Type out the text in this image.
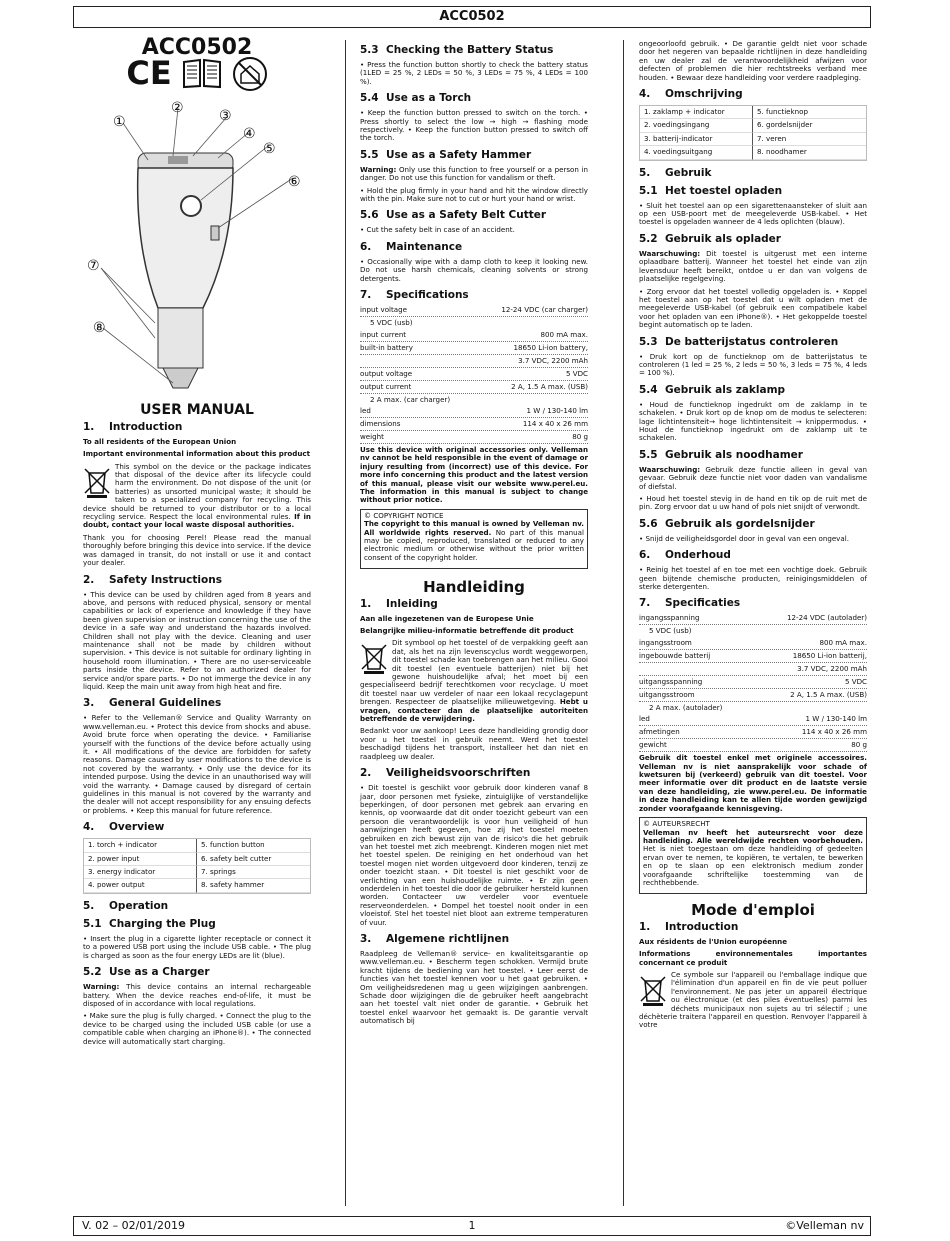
ACC0502
ACC0502
CE
①
②	③
④
⑤
⑥
⑦
⑧
USER MANUAL
1. Introduction

To all residents of the European Union

Important environmental information about this product

This symbol on the device or the package indicates that disposal of the device after its lifecycle could harm the environment. Do not dispose of the unit (or batteries) as unsorted municipal waste; it should be taken to a specialized company for recycling. This device should be returned to your distributor or to a local recycling service. Respect the local environmental rules. If in doubt, contact your local waste disposal authorities.

Thank you for choosing Perel! Please read the manual thoroughly before bringing this device into service. If the device was damaged in transit, do not install or use it and contact your dealer.

2. Safety Instructions

• This device can be used by children aged from 8 years and above, and persons with reduced physical, sensory or mental capabilities or lack of experience and knowledge if they have been given supervision or instruction concerning the use of the device in a safe way and understand the hazards involved. Children shall not play with the device. Cleaning and user maintenance shall not be made by children without supervision. • This device is not suitable for ordinary lighting in household room illumination. • There are no user-serviceable parts inside the device. Refer to an authorized dealer for service and/or spare parts. • Do not immerge the device in any liquid. Keep the main unit away from high heat and fire.

3. General Guidelines

• Refer to the Velleman® Service and Quality Warranty on www.velleman.eu. • Protect this device from shocks and abuse. Avoid brute force when operating the device. • Familiarise yourself with the functions of the device before actually using it. • All modifications of the device are forbidden for safety reasons. Damage caused by user modifications to the device is not covered by the warranty. • Only use the device for its intended purpose. Using the device in an unauthorised way will void the warranty. • Damage caused by disregard of certain guidelines in this manual is not covered by the warranty and the dealer will not accept responsibility for any ensuing defects or problems. • Keep this manual for future reference.

4. Overview
1. torch + indicator	5. function button
2. power input	6. safety belt cutter
3. energy indicator	7. springs
4. power output	8. safety hammer
5. Operation
5.1 Charging the Plug

• Insert the plug in a cigarette lighter receptacle or connect it to a powered USB port using the include USB cable. • The plug is charged as soon as the four energy LEDs are lit (blue).

5.2 Use as a Charger

Warning: This device contains an internal rechargeable battery. When the device reaches end-of-life, it must be disposed of in accordance with local regulations.

• Make sure the plug is fully charged. • Connect the plug to the device to be charged using the included USB cable (or use a compatible cable when charging an iPhone®). • The connected device will automatically start charging.

5.3 Checking the Battery Status

• Press the function button shortly to check the battery status (1LED = 25 %, 2 LEDs = 50 %, 3 LEDs = 75 %, 4 LEDs = 100 %).

5.4 Use as a Torch

• Keep the function button pressed to switch on the torch. • Press shortly to select the low → high → flashing mode respectively. • Keep the function button pressed to switch off the torch.

5.5 Use as a Safety Hammer

Warning: Only use this function to free yourself or a person in danger. Do not use this function for vandalism or theft.

• Hold the plug firmly in your hand and hit the window directly with the pin. Make sure not to cut or hurt your hand or wrist.

5.6 Use as a Safety Belt Cutter

• Cut the safety belt in case of an accident.

6. Maintenance

• Occasionally wipe with a damp cloth to keep it looking new. Do not use harsh chemicals, cleaning solvents or strong detergents.

7. Specifications
input voltage	12-24 VDC (car charger)
5 VDC (usb)
input current	800 mA max.
built-in battery	18650 Li-ion battery,
3.7 VDC, 2200 mAh
output voltage	5 VDC
output current	2 A, 1.5 A max. (USB)
2 A max. (car charger)
led	1 W / 130-140 lm
dimensions	114 x 40 x 26 mm
weight	80 g

Use this device with original accessories only. Velleman nv cannot be held responsible in the event of damage or injury resulting from (incorrect) use of this device. For more info concerning this product and the latest version of this manual, please visit our website www.perel.eu. The information in this manual is subject to change without prior notice.

© COPYRIGHT NOTICE

The copyright to this manual is owned by Velleman nv. All worldwide rights reserved. No part of this manual may be copied, reproduced, translated or reduced to any electronic medium or otherwise without the prior written consent of the copyright holder.

Handleiding
1. Inleiding

Aan alle ingezetenen van de Europese Unie

Belangrijke milieu-informatie betreffende dit product

Dit symbool op het toestel of de verpakking geeft aan dat, als het na zijn levenscyclus wordt weggeworpen, dit toestel schade kan toebrengen aan het milieu. Gooi dit toestel (en eventuele batterijen) niet bij het gewone huishoudelijke afval; het moet bij een gespecialiseerd bedrijf terechtkomen voor recyclage. U moet dit toestel naar uw verdeler of naar een lokaal recyclagepunt brengen. Respecteer de plaatselijke milieuwetgeving. Hebt u vragen, contacteer dan de plaatselijke autoriteiten betreffende de verwijdering.

Bedankt voor uw aankoop! Lees deze handleiding grondig door voor u het toestel in gebruik neemt. Werd het toestel beschadigd tijdens het transport, installeer het dan niet en raadpleeg uw dealer.

2. Veiligheidsvoorschriften

• Dit toestel is geschikt voor gebruik door kinderen vanaf 8 jaar, door personen met fysieke, zintuiglijke of verstandelijke beperkingen, of door personen met gebrek aan ervaring en kennis, op voorwaarde dat dit onder toezicht gebeurt van een persoon die verantwoordelijk is voor hun veiligheid of hun aanwijzingen heeft gegeven, hoe zij het toestel moeten gebruiken en zich bewust zijn van de risico's die het gebruik van het toestel met zich meebrengt. Kinderen mogen niet met het toestel spelen. De reiniging en het onderhoud van het toestel mogen niet worden uitgevoerd door kinderen, tenzij ze onder toezicht staan. • Dit toestel is niet geschikt voor de verlichting van een huishoudelijke ruimte. • Er zijn geen onderdelen in het toestel die door de gebruiker hersteld kunnen worden. Contacteer uw verdeler voor eventuele reserveonderdelen. • Dompel het toestel nooit onder in een vloeistof. Stel het toestel niet bloot aan extreme temperaturen of vuur.

3. Algemene richtlijnen

Raadpleeg de Velleman® service- en kwaliteitsgarantie op www.velleman.eu. • Bescherm tegen schokken. Vermijd brute kracht tijdens de bediening van het toestel. • Leer eerst de functies van het toestel kennen voor u het gaat gebruiken. • Om veiligheidsredenen mag u geen wijzigingen aanbrengen. Schade door wijzigingen die de gebruiker heeft aangebracht aan het toestel valt niet onder de garantie. • Gebruik het toestel enkel waarvoor het gemaakt is. De garantie vervalt automatisch bij

ongeoorloofd gebruik. • De garantie geldt niet voor schade door het negeren van bepaalde richtlijnen in deze handleiding en uw dealer zal de verantwoordelijkheid afwijzen voor defecten of problemen die hier rechtstreeks verband mee houden. • Bewaar deze handleiding voor verdere raadpleging.

4. Omschrijving
1. zaklamp + indicator	5. functieknop
2. voedingsingang	6. gordelsnijder
3. batterij-indicator	7. veren
4. voedingsuitgang	8. noodhamer
5. Gebruik
5.1 Het toestel opladen

• Sluit het toestel aan op een sigarettenaansteker of sluit aan op een USB-poort met de meegeleverde USB-kabel. • Het toestel is opgeladen wanneer de 4 leds oplichten (blauw).

5.2 Gebruik als oplader

Waarschuwing: Dit toestel is uitgerust met een interne oplaadbare batterij. Wanneer het toestel het einde van zijn levensduur heeft bereikt, ontdoe u er dan van volgens de plaatselijke regelgeving.

• Zorg ervoor dat het toestel volledig opgeladen is. • Koppel het toestel aan op het toestel dat u wilt opladen met de meegeleverde USB-kabel (of gebruik een compatibele kabel voor het opladen van een iPhone®). • Het gekoppelde toestel begint automatisch op te laden.

5.3 De batterijstatus controleren

• Druk kort op de functieknop om de batterijstatus te controleren (1 led = 25 %, 2 leds = 50 %, 3 leds = 75 %, 4 leds = 100 %).

5.4 Gebruik als zaklamp

• Houd de functieknop ingedrukt om de zaklamp in te schakelen. • Druk kort op de knop om de modus te selecteren: lage lichtintensiteit→ hoge lichtintensiteit → knippermodus. • Houd de functieknop ingedrukt om de zaklamp uit te schakelen.

5.5 Gebruik als noodhamer

Waarschuwing: Gebruik deze functie alleen in geval van gevaar. Gebruik deze functie niet voor daden van vandalisme of diefstal.

• Houd het toestel stevig in de hand en tik op de ruit met de pin. Zorg ervoor dat u uw hand of pols niet snijdt of verwondt.

5.6 Gebruik als gordelsnijder

• Snijd de veiligheidsgordel door in geval van een ongeval.

6. Onderhoud

• Reinig het toestel af en toe met een vochtige doek. Gebruik geen bijtende chemische producten, reinigingsmiddelen of sterke detergenten.

7. Specificaties
ingangsspanning	12-24 VDC (autolader)
5 VDC (usb)
ingangsstroom	800 mA max.
ingebouwde batterij	18650 Li-ion batterij,
3.7 VDC, 2200 mAh
uitgangsspanning	5 VDC
uitgangsstroom	2 A, 1.5 A max. (USB)
2 A max. (autolader)
led	1 W / 130-140 lm
afmetingen	114 x 40 x 26 mm
gewicht	80 g

Gebruik dit toestel enkel met originele accessoires. Velleman nv is niet aansprakelijk voor schade of kwetsuren bij (verkeerd) gebruik van dit toestel. Voor meer informatie over dit product en de laatste versie van deze handleiding, zie www.perel.eu. De informatie in deze handleiding kan te allen tijde worden gewijzigd zonder voorafgaande kennisgeving.

© AUTEURSRECHT

Velleman nv heeft het auteursrecht voor deze handleiding. Alle wereldwijde rechten voorbehouden. Het is niet toegestaan om deze handleiding of gedeelten ervan over te nemen, te kopiëren, te vertalen, te bewerken en op te slaan op een elektronisch medium zonder voorafgaande schriftelijke toestemming van de rechthebbende.

Mode d'emploi
1. Introduction

Aux résidents de l'Union européenne

Informations environnementales importantes concernant ce produit

Ce symbole sur l'appareil ou l'emballage indique que l'élimination d'un appareil en fin de vie peut polluer l'environnement. Ne pas jeter un appareil électrique ou électronique (et des piles éventuelles) parmi les déchets municipaux non sujets au tri sélectif ; une déchèterie traitera l'appareil en question. Renvoyer l'appareil à votre

V. 02 – 02/01/2019	1	©Velleman nv
